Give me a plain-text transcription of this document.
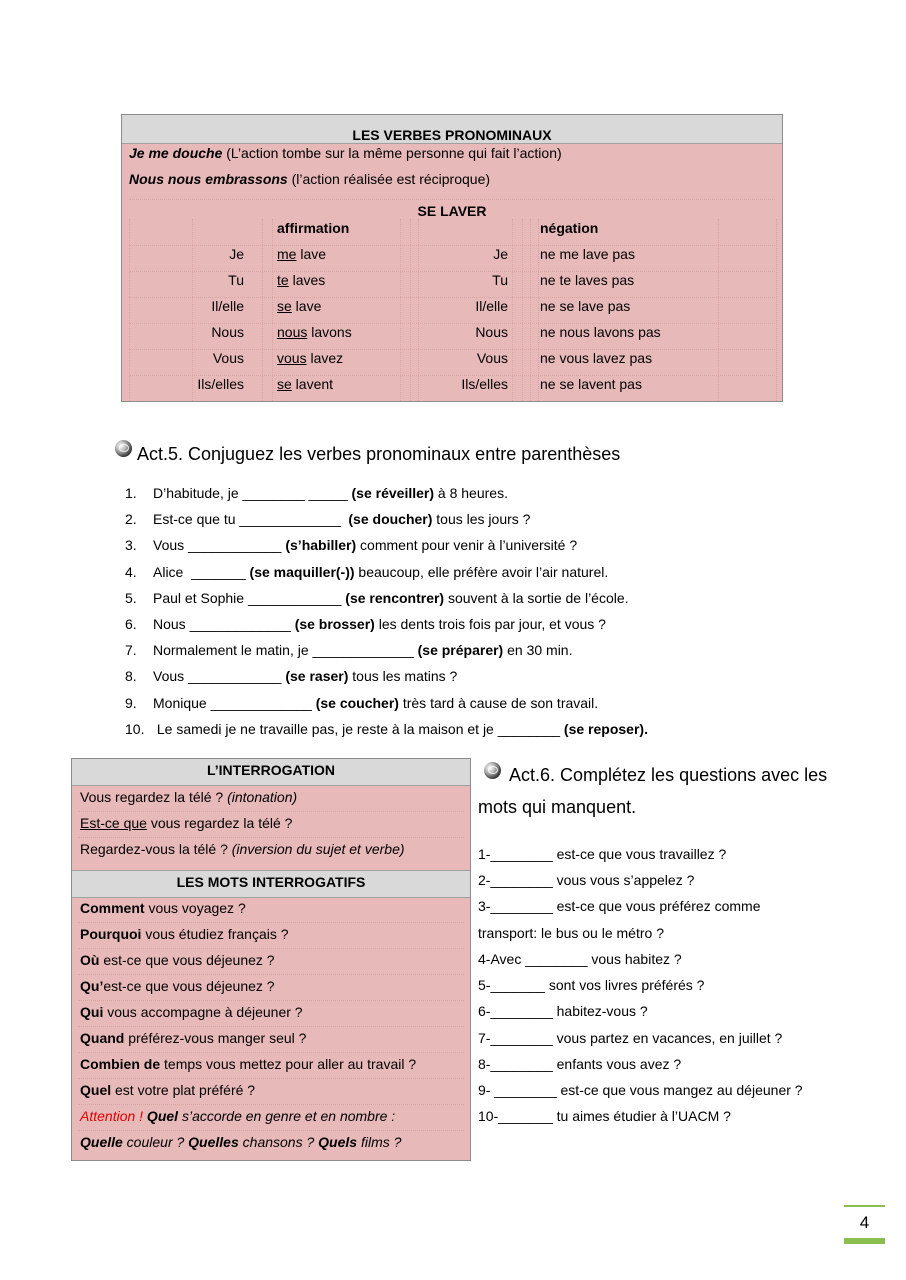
LES VERBES PRONOMINAUX
Je me douche (L’action tombe sur la même personne qui fait l’action)
Nous nous embrassons (l’action réalisée est réciproque)
SE LAVER
affirmation	négation
Je me lave	Je ne me lave pas
Tu te laves	Tu ne te laves pas
Il/elle se lave	Il/elle ne se lave pas
Nous nous lavons	Nous ne nous lavons pas
Vous vous lavez	Vous ne vous lavez pas
Ils/elles se lavent	Ils/elles ne se lavent pas
Act.5. Conjuguez les verbes pronominaux entre parenthèses
1. D’habitude, je ________ _____ (se réveiller) à 8 heures.
2. Est-ce que tu _____________  (se doucher) tous les jours ?
3. Vous ____________ (s’habiller) comment pour venir à l’université ?
4. Alice  _______ (se maquiller(-)) beaucoup, elle préfère avoir l’air naturel.
5. Paul et Sophie ____________ (se rencontrer) souvent à la sortie de l’école.
6. Nous _____________ (se brosser) les dents trois fois par jour, et vous ?
7. Normalement le matin, je _____________ (se préparer) en 30 min.
8. Vous ____________ (se raser) tous les matins ?
9. Monique _____________ (se coucher) très tard à cause de son travail.
10. Le samedi je ne travaille pas, je reste à la maison et je ________ (se reposer).
L’INTERROGATION
Vous regardez la télé ? (intonation)
Est-ce que vous regardez la télé ?
Regardez-vous la télé ? (inversion du sujet et verbe)
LES MOTS INTERROGATIFS
Comment vous voyagez ?
Pourquoi vous étudiez français ?
Où est-ce que vous déjeunez ?
Qu’est-ce que vous déjeunez ?
Qui vous accompagne à déjeuner ?
Quand préférez-vous manger seul ?
Combien de temps vous mettez pour aller au travail ?
Quel est votre plat préféré ?
Attention ! Quel s’accorde en genre et en nombre :
Quelle couleur ? Quelles chansons ? Quels films ?
Act.6. Complétez les questions avec les
mots qui manquent.
1-________ est-ce que vous travaillez ?
2-________ vous vous s’appelez ?
3-________ est-ce que vous préférez comme
transport: le bus ou le métro ?
4-Avec ________ vous habitez ?
5-_______ sont vos livres préférés ?
6-________ habitez-vous ?
7-________ vous partez en vacances, en juillet ?
8-________ enfants vous avez ?
9- ________ est-ce que vous mangez au déjeuner ?
10-_______ tu aimes étudier à l’UACM ?
4
